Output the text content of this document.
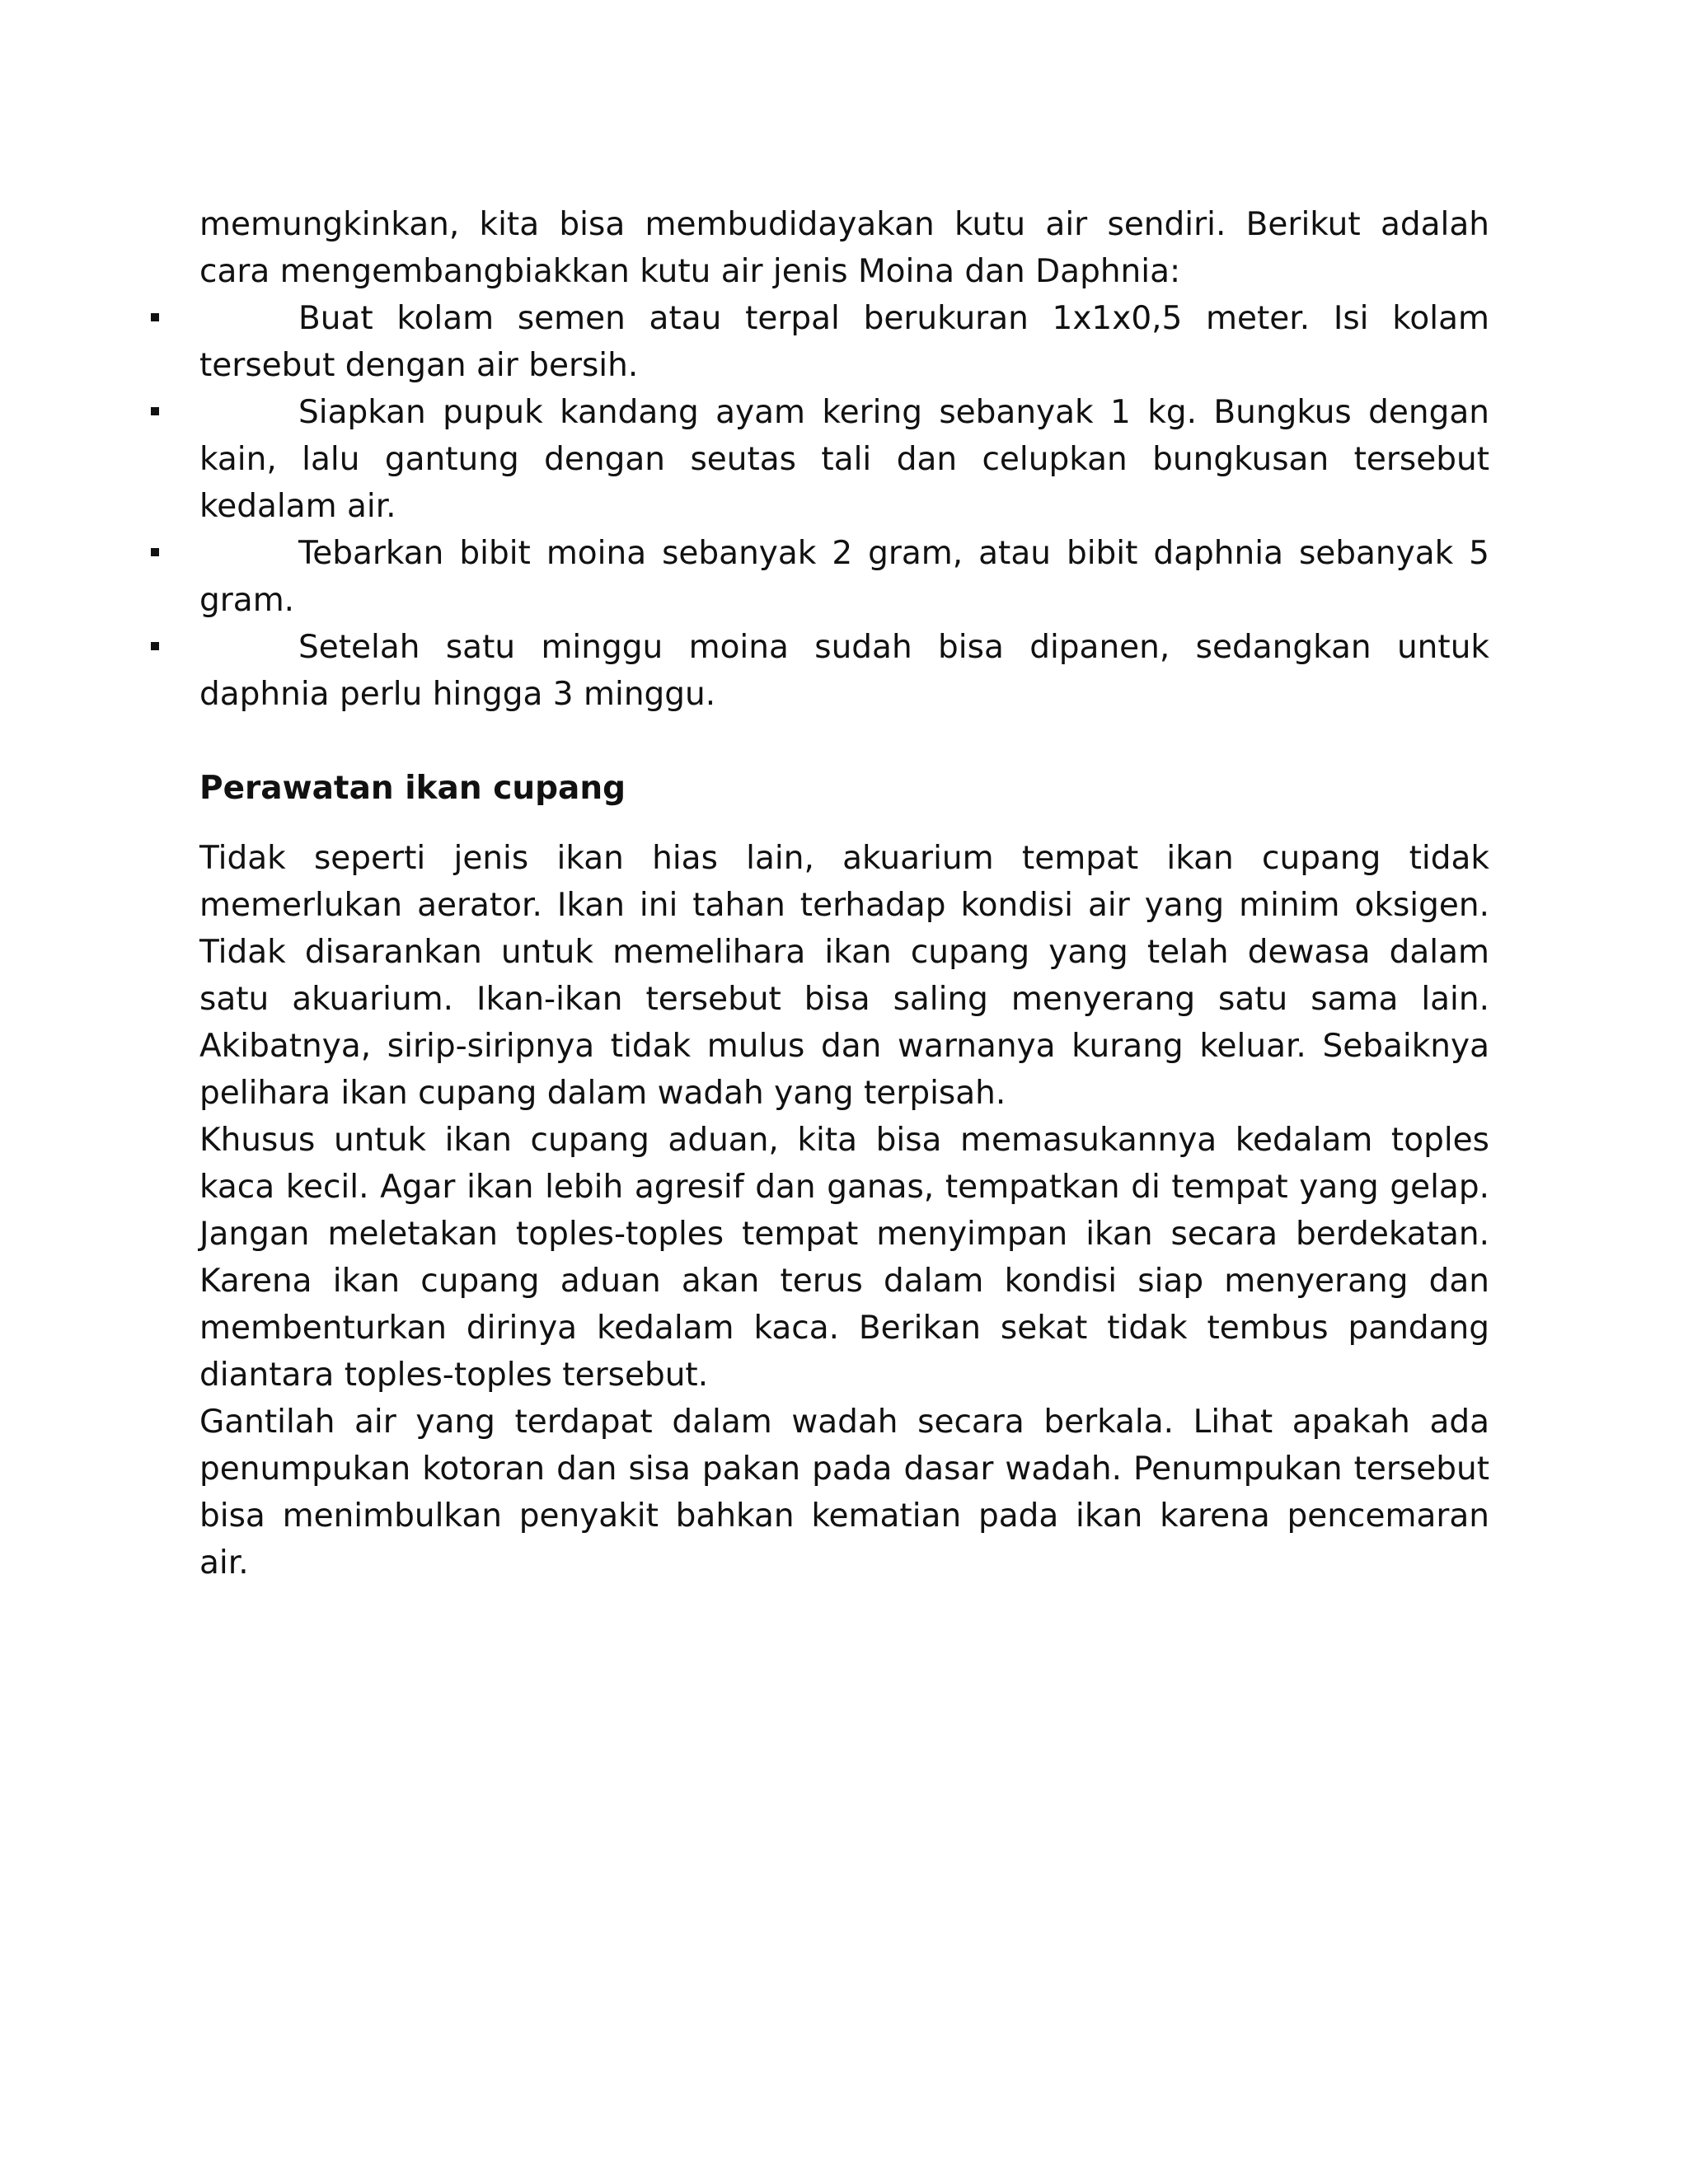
memungkinkan, kita bisa membudidayakan kutu air sendiri. Berikut adalah cara mengembangbiakkan kutu air jenis Moina dan Daphnia:

Buat kolam semen atau terpal berukuran 1x1x0,5 meter. Isi kolam tersebut dengan air bersih.
Siapkan pupuk kandang ayam kering sebanyak 1 kg. Bungkus dengan kain, lalu gantung dengan seutas tali dan celupkan bungkusan tersebut kedalam air.
Tebarkan bibit moina sebanyak 2 gram, atau bibit daphnia sebanyak 5 gram.
Setelah satu minggu moina sudah bisa dipanen, sedangkan untuk daphnia perlu hingga 3 minggu.
Perawatan ikan cupang

Tidak seperti jenis ikan hias lain, akuarium tempat ikan cupang tidak memerlukan aerator. Ikan ini tahan terhadap kondisi air yang minim oksigen. Tidak disarankan untuk memelihara ikan cupang yang telah dewasa dalam satu akuarium. Ikan-ikan tersebut bisa saling menyerang satu sama lain. Akibatnya, sirip-siripnya tidak mulus dan warnanya kurang keluar. Sebaiknya pelihara ikan cupang dalam wadah yang terpisah.

Khusus untuk ikan cupang aduan, kita bisa memasukannya kedalam toples kaca kecil. Agar ikan lebih agresif dan ganas, tempatkan di tempat yang gelap. Jangan meletakan toples-toples tempat menyimpan ikan secara berdekatan. Karena ikan cupang aduan akan terus dalam kondisi siap menyerang dan membenturkan dirinya kedalam kaca. Berikan sekat tidak tembus pandang diantara toples-toples tersebut.

Gantilah air yang terdapat dalam wadah secara berkala. Lihat apakah ada penumpukan kotoran dan sisa pakan pada dasar wadah. Penumpukan tersebut bisa menimbulkan penyakit bahkan kematian pada ikan karena pencemaran air.
